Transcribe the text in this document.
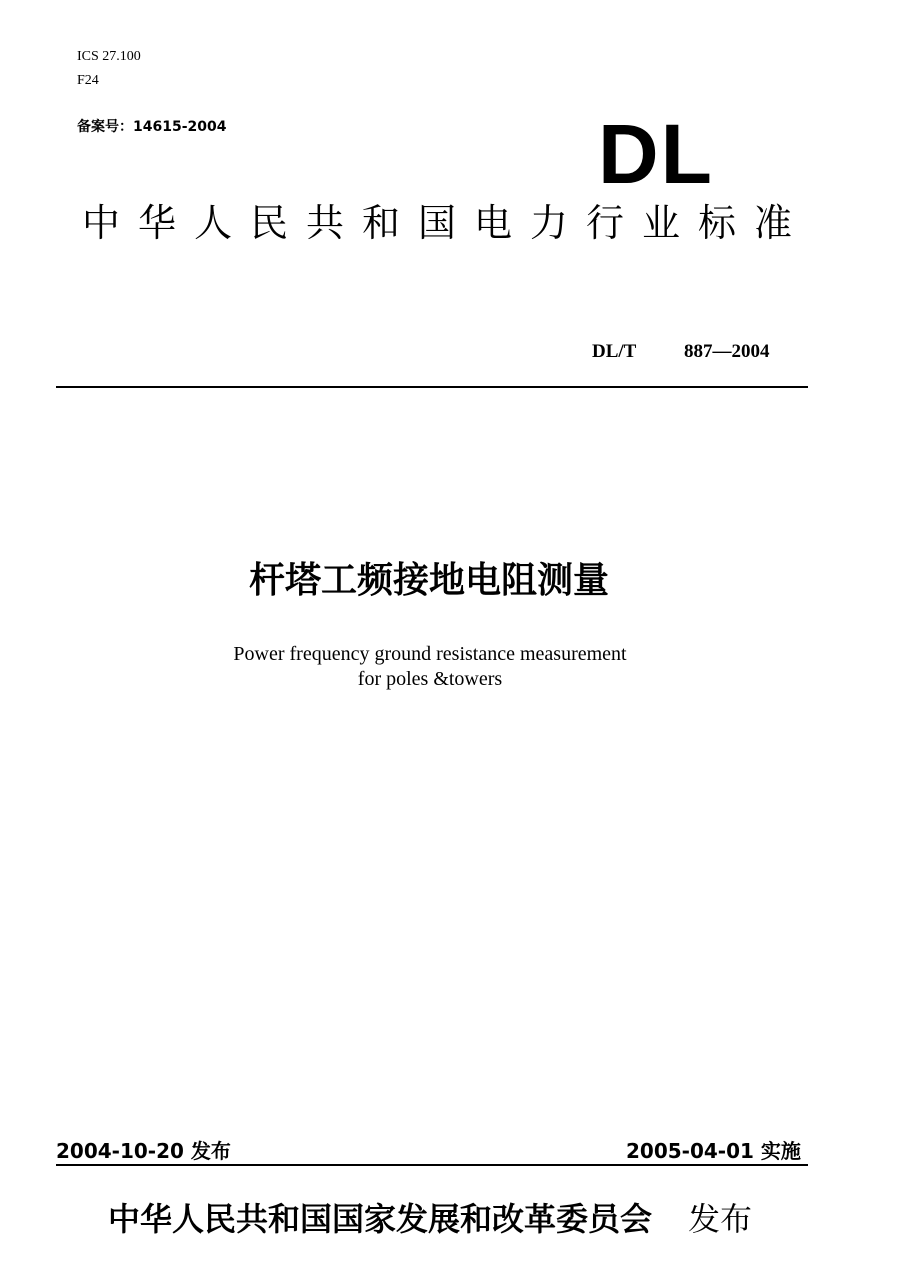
ICS 27.100
F24
备案号：14615-2004	DL
中华人民共和国电力行业标准
DL/T	887—2004
杆塔工频接地电阻测量
Power frequency ground resistance measurement
for poles &towers
2004-10-20 发布	2005-04-01 实施
中华人民共和国国家发展和改革委员会 发布
